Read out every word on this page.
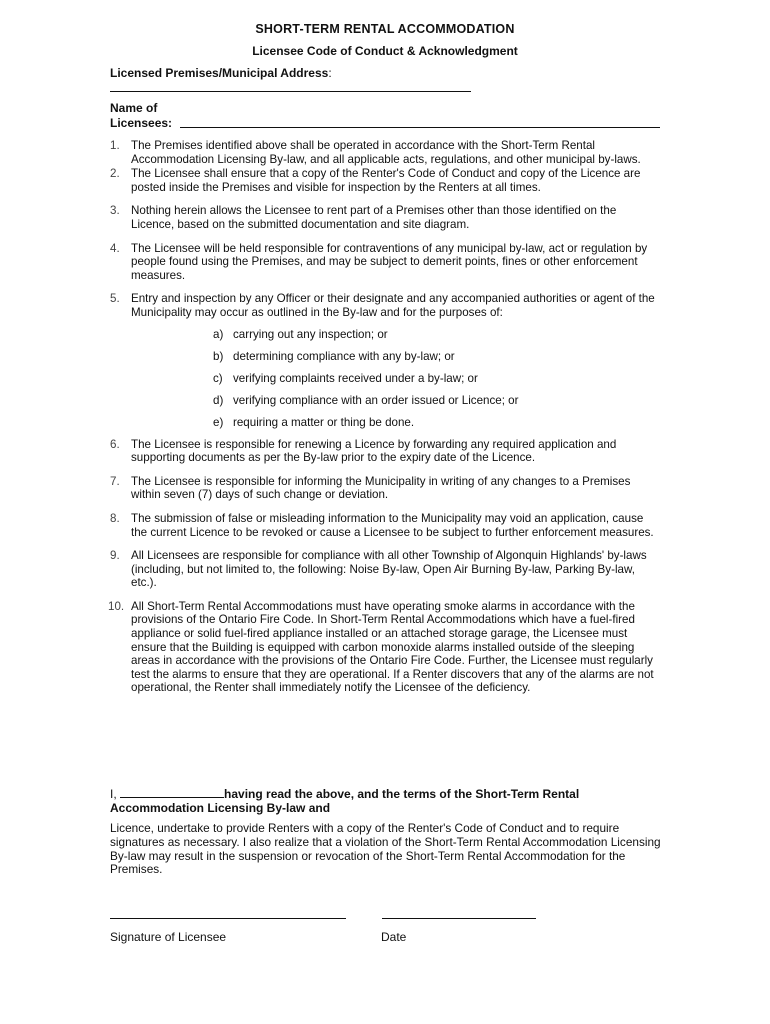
SHORT-TERM RENTAL ACCOMMODATION
Licensee Code of Conduct & Acknowledgment
Licensed Premises/Municipal Address:
Name of
Licensees:
1. The Premises identified above shall be operated in accordance with the Short-Term Rental Accommodation Licensing By-law, and all applicable acts, regulations, and other municipal by-laws.
2. The Licensee shall ensure that a copy of the Renter's Code of Conduct and copy of the Licence are posted inside the Premises and visible for inspection by the Renters at all times.
3. Nothing herein allows the Licensee to rent part of a Premises other than those identified on the Licence, based on the submitted documentation and site diagram.
4. The Licensee will be held responsible for contraventions of any municipal by-law, act or regulation by people found using the Premises, and may be subject to demerit points, fines or other enforcement measures.
5. Entry and inspection by any Officer or their designate and any accompanied authorities or agent of the Municipality may occur as outlined in the By-law and for the purposes of:
a) carrying out any inspection; or
b) determining compliance with any by-law; or
c) verifying complaints received under a by-law; or
d) verifying compliance with an order issued or Licence; or
e) requiring a matter or thing be done.
6. The Licensee is responsible for renewing a Licence by forwarding any required application and supporting documents as per the By-law prior to the expiry date of the Licence.
7. The Licensee is responsible for informing the Municipality in writing of any changes to a Premises within seven (7) days of such change or deviation.
8. The submission of false or misleading information to the Municipality may void an application, cause the current Licence to be revoked or cause a Licensee to be subject to further enforcement measures.
9. All Licensees are responsible for compliance with all other Township of Algonquin Highlands' by-laws (including, but not limited to, the following: Noise By-law, Open Air Burning By-law, Parking By-law, etc.).
10. All Short-Term Rental Accommodations must have operating smoke alarms in accordance with the provisions of the Ontario Fire Code. In Short-Term Rental Accommodations which have a fuel-fired appliance or solid fuel-fired appliance installed or an attached storage garage, the Licensee must ensure that the Building is equipped with carbon monoxide alarms installed outside of the sleeping areas in accordance with the provisions of the Ontario Fire Code. Further, the Licensee must regularly test the alarms to ensure that they are operational. If a Renter discovers that any of the alarms are not operational, the Renter shall immediately notify the Licensee of the deficiency.
I,	having read the above, and the terms of the Short-Term Rental Accommodation Licensing By-law and
Licence, undertake to provide Renters with a copy of the Renter's Code of Conduct and to require signatures as necessary. I also realize that a violation of the Short-Term Rental Accommodation Licensing By-law may result in the suspension or revocation of the Short-Term Rental Accommodation for the Premises.
Signature of Licensee	Date
